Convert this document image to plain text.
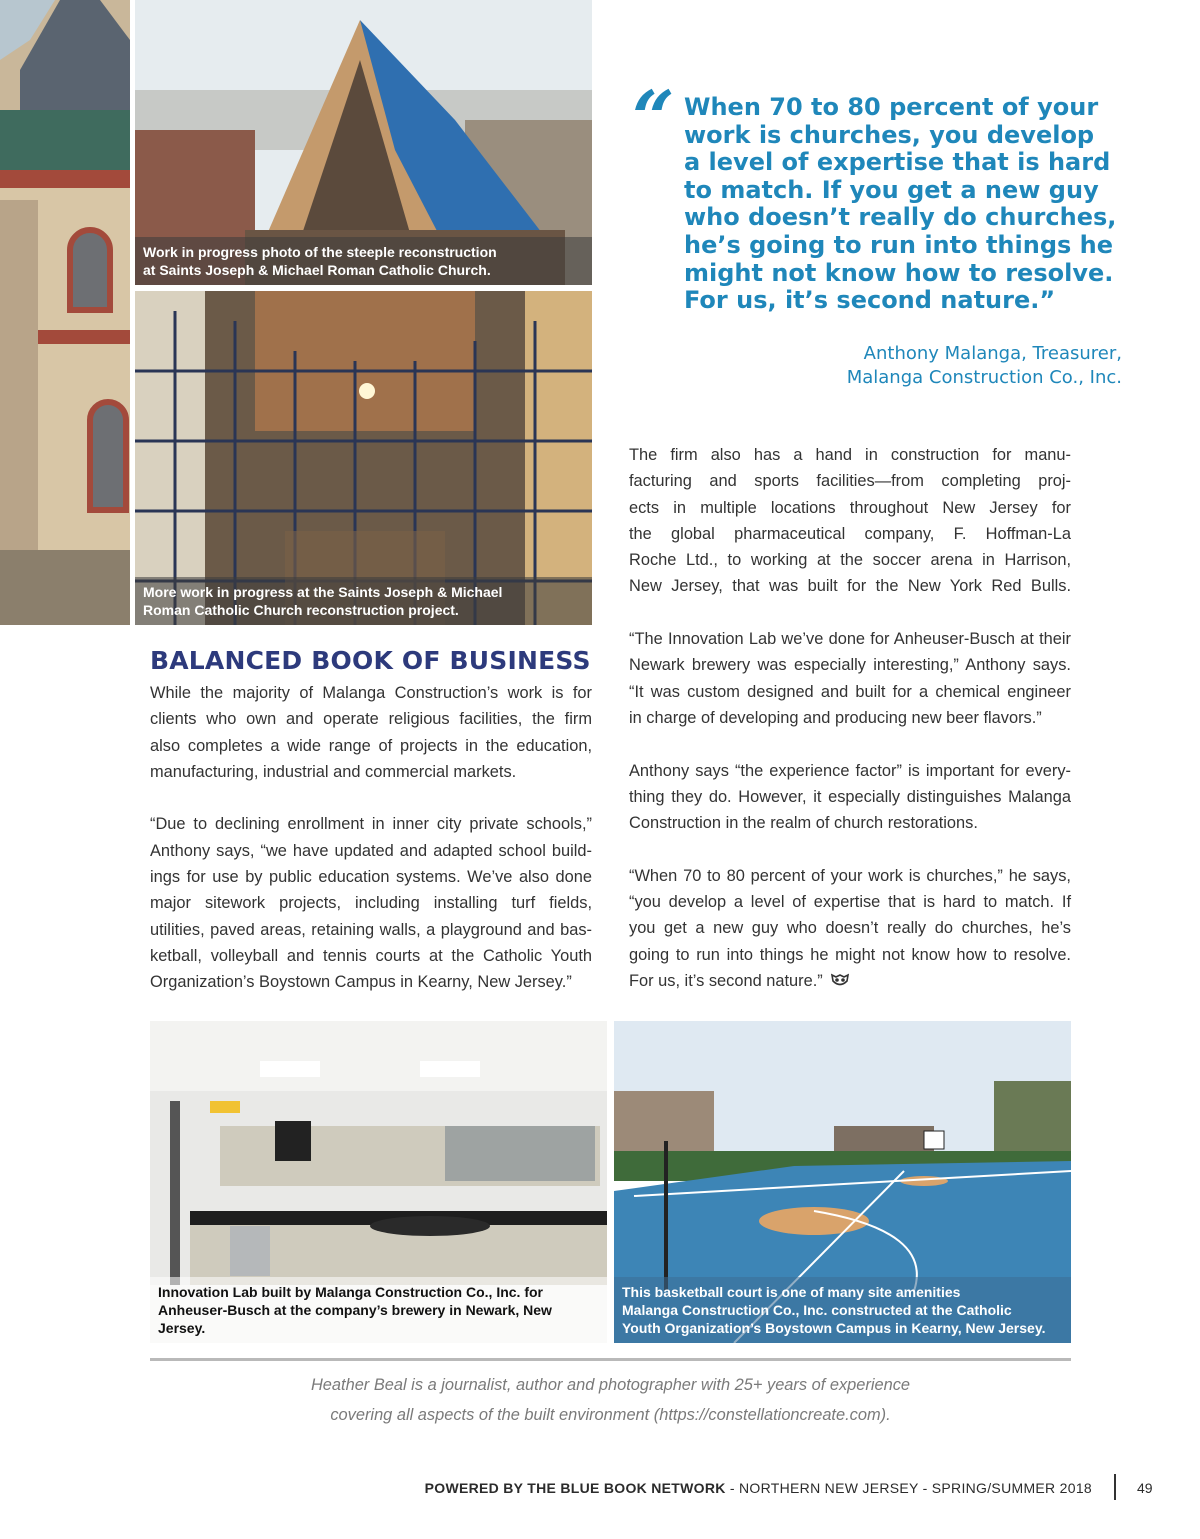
Work in progress photo of the steeple reconstruction
at Saints Joseph & Michael Roman Catholic Church.
More work in progress at the Saints Joseph & Michael
Roman Catholic Church reconstruction project.
“ When 70 to 80 percent of your
work is churches, you develop
a level of expertise that is hard
to match. If you get a new guy
who doesn’t really do churches,
he’s going to run into things he
might not know how to resolve.
For us, it’s second nature.”
Anthony Malanga, Treasurer,
Malanga Construction Co., Inc.
The firm also has a hand in construction for manu-
facturing and sports facilities—from completing proj-
ects in multiple locations throughout New Jersey for
the global pharmaceutical company, F. Hoffman-La
Roche Ltd., to working at the soccer arena in Harrison,
New Jersey, that was built for the New York Red Bulls.
“The Innovation Lab we’ve done for Anheuser-Busch at their
Newark brewery was especially interesting,” Anthony says.
“It was custom designed and built for a chemical engineer
in charge of developing and producing new beer flavors.”
Anthony says “the experience factor” is important for every-
thing they do. However, it especially distinguishes Malanga
Construction in the realm of church restorations.
“When 70 to 80 percent of your work is churches,” he says,
“you develop a level of expertise that is hard to match. If
you get a new guy who doesn’t really do churches, he’s
going to run into things he might not know how to resolve.
For us, it’s second nature.”
BALANCED BOOK OF BUSINESS
While the majority of Malanga Construction’s work is for
clients who own and operate religious facilities, the firm
also completes a wide range of projects in the education,
manufacturing, industrial and commercial markets.
“Due to declining enrollment in inner city private schools,”
Anthony says, “we have updated and adapted school build-
ings for use by public education systems. We’ve also done
major sitework projects, including installing turf fields,
utilities, paved areas, retaining walls, a playground and bas-
ketball, volleyball and tennis courts at the Catholic Youth
Organization’s Boystown Campus in Kearny, New Jersey.”
Innovation Lab built by Malanga Construction Co., Inc. for
Anheuser-Busch at the company’s brewery in Newark, New Jersey.
This basketball court is one of many site amenities
Malanga Construction Co., Inc. constructed at the Catholic
Youth Organization’s Boystown Campus in Kearny, New Jersey.
Heather Beal is a journalist, author and photographer with 25+ years of experience
covering all aspects of the built environment (https://constellationcreate.com).
POWERED BY THE BLUE BOOK NETWORK - NORTHERN NEW JERSEY - SPRING/SUMMER 2018	49
